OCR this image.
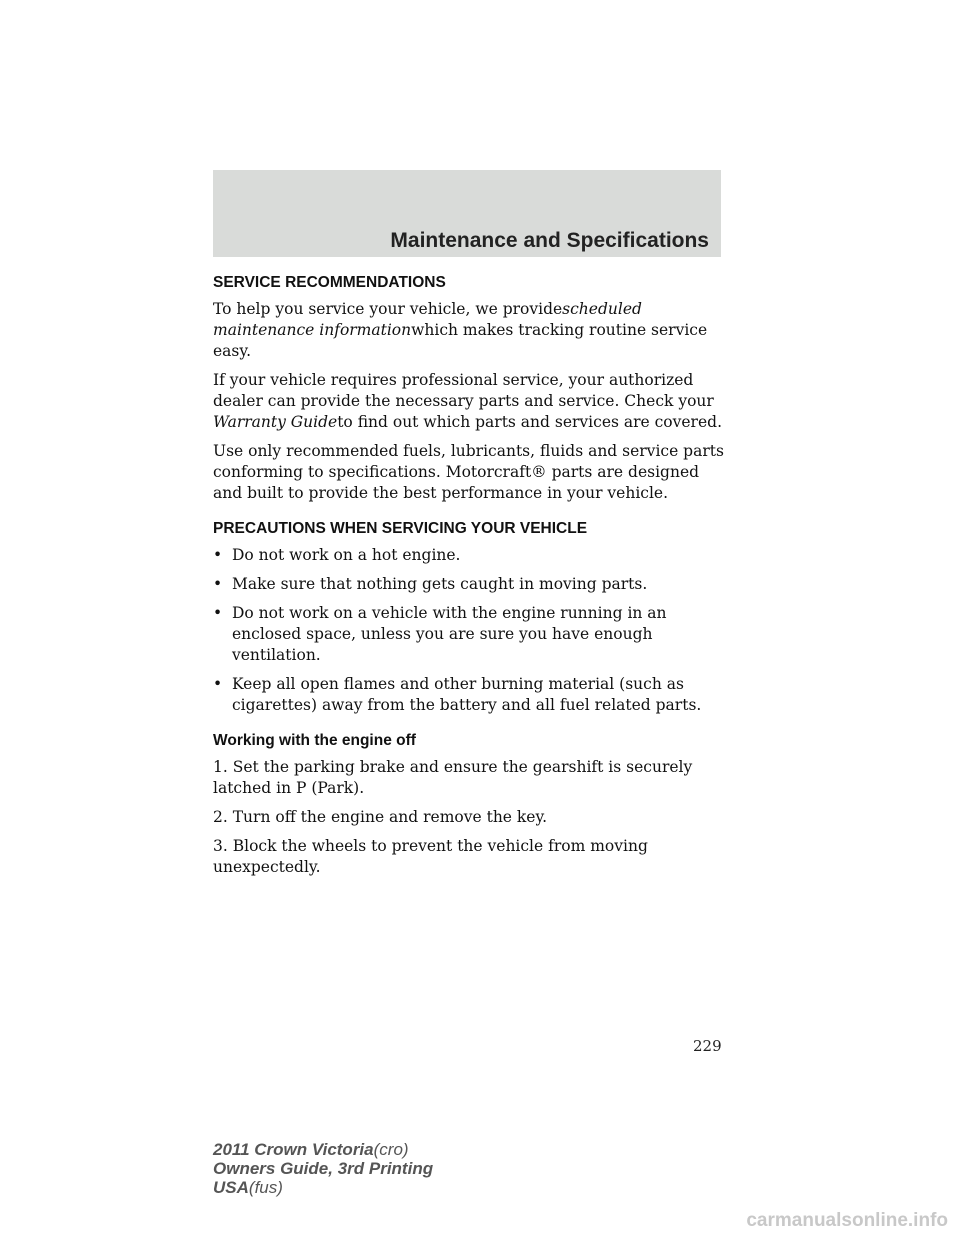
Maintenance and Specifications
SERVICE RECOMMENDATIONS

To help you service your vehicle, we providescheduled maintenance informationwhich makes tracking routine service easy.

If your vehicle requires professional service, your authorized dealer can provide the necessary parts and service. Check your Warranty Guideto find out which parts and services are covered.

Use only recommended fuels, lubricants, fluids and service parts conforming to specifications. Motorcraft® parts are designed and built to provide the best performance in your vehicle.

PRECAUTIONS WHEN SERVICING YOUR VEHICLE
• Do not work on a hot engine.
• Make sure that nothing gets caught in moving parts.
• Do not work on a vehicle with the engine running in an enclosed space, unless you are sure you have enough ventilation.
• Keep all open flames and other burning material (such as cigarettes) away from the battery and all fuel related parts.
Working with the engine off

1. Set the parking brake and ensure the gearshift is securely latched in P (Park).

2. Turn off the engine and remove the key.

3. Block the wheels to prevent the vehicle from moving unexpectedly.

229
2011 Crown Victoria(cro)
Owners Guide, 3rd Printing
USA(fus)
carmanualsonline.info
